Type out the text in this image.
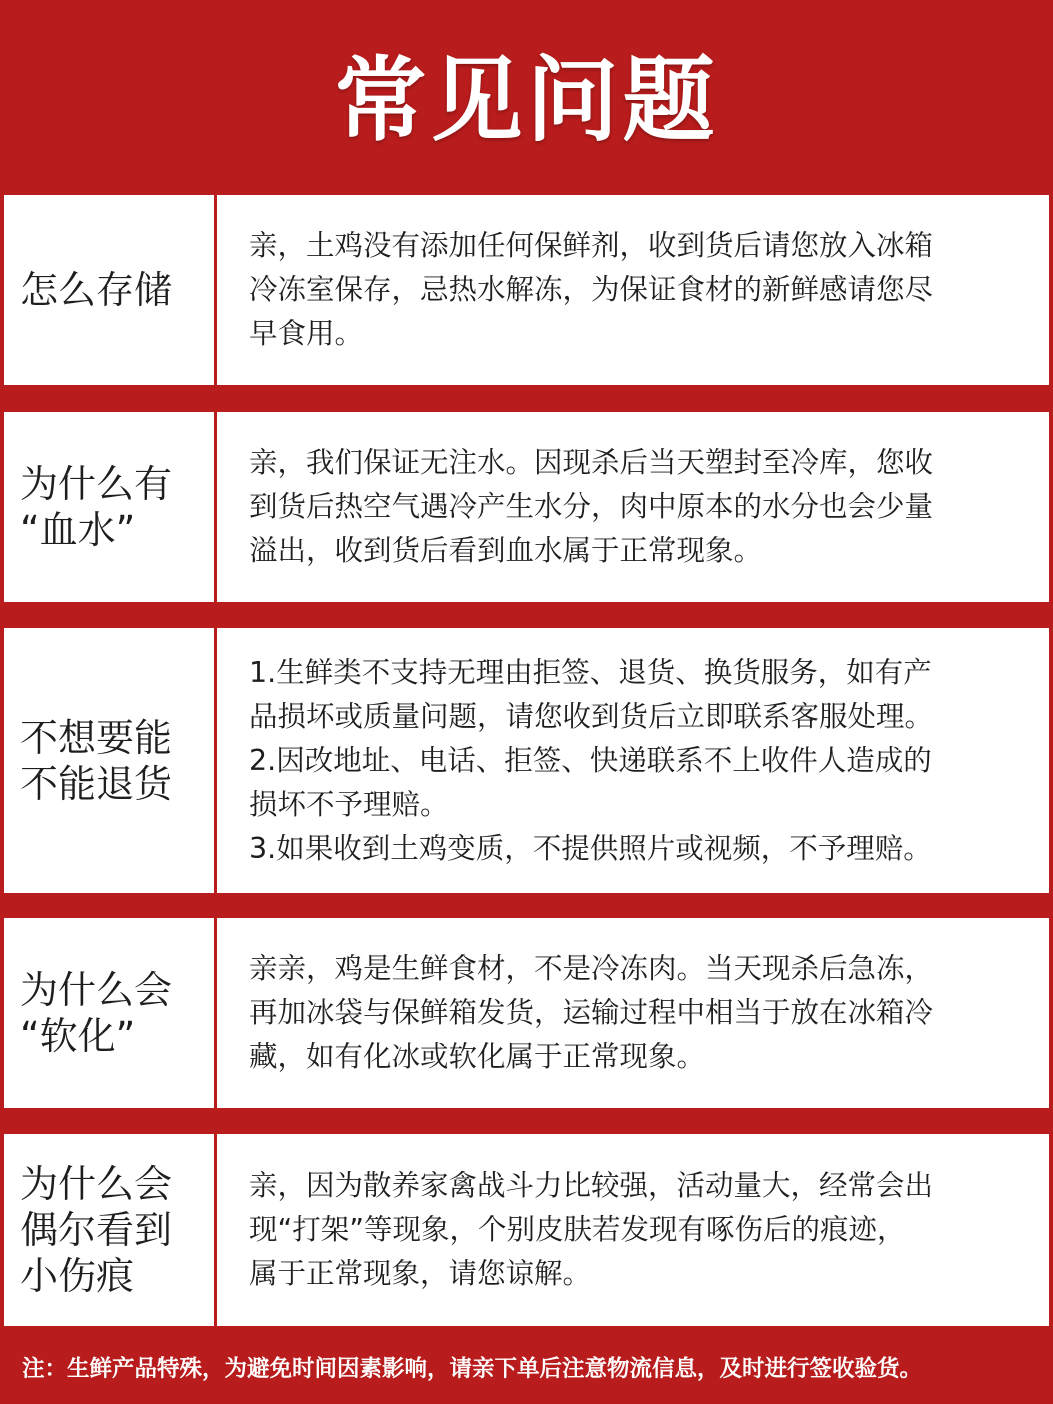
常见问题
怎么存储
亲，土鸡没有添加任何保鲜剂，收到货后请您放入冰箱
冷冻室保存，忌热水解冻，为保证食材的新鲜感请您尽
早食用。
为什么有
“血水”
亲，我们保证无注水。因现杀后当天塑封至冷库，您收
到货后热空气遇冷产生水分，肉中原本的水分也会少量
溢出，收到货后看到血水属于正常现象。
不想要能
不能退货
1.生鲜类不支持无理由拒签、退货、换货服务，如有产
品损坏或质量问题，请您收到货后立即联系客服处理。
2.因改地址、电话、拒签、快递联系不上收件人造成的
损坏不予理赔。
3.如果收到土鸡变质，不提供照片或视频，不予理赔。
为什么会
“软化”
亲亲，鸡是生鲜食材，不是冷冻肉。当天现杀后急冻，
再加冰袋与保鲜箱发货，运输过程中相当于放在冰箱冷
藏，如有化冰或软化属于正常现象。
为什么会
偶尔看到
小伤痕
亲，因为散养家禽战斗力比较强，活动量大，经常会出
现“打架”等现象，个别皮肤若发现有啄伤后的痕迹，
属于正常现象，请您谅解。
注：生鲜产品特殊，为避免时间因素影响，请亲下单后注意物流信息，及时进行签收验货。
